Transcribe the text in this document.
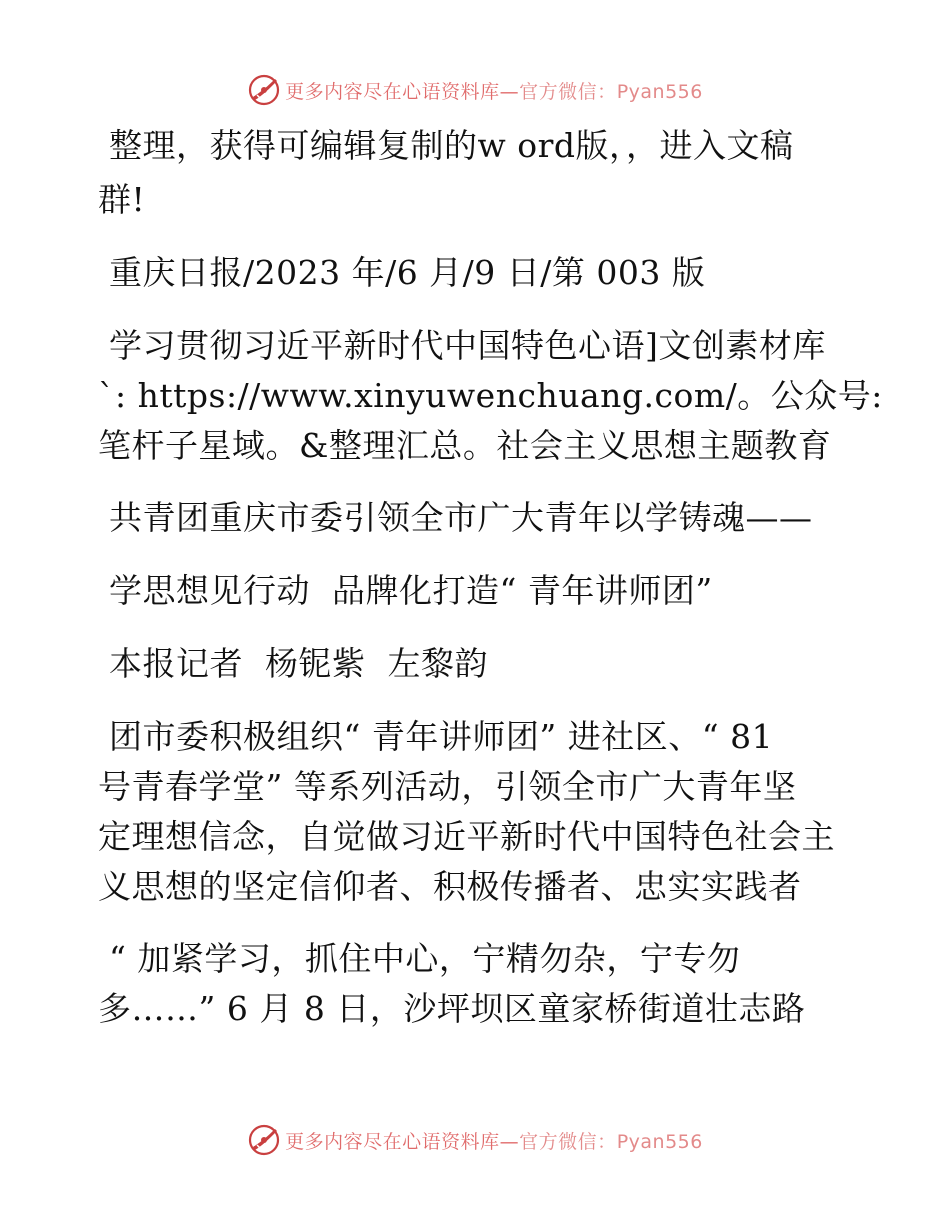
更多内容尽在心语资料库—官方微信：Pyan556
整理，获得可编辑复制的w ord版，，进入文稿
群!
重庆日报/2023 年/6 月/9 日/第 003 版
学习贯彻习近平新时代中国特色心语]文创素材库
`: https://www.xinyuwenchuang.com/。公众号:
笔杆子星域。&整理汇总。社会主义思想主题教育
共青团重庆市委引领全市广大青年以学铸魂——
学思想见行动  品牌化打造“ 青年讲师团”
本报记者  杨铌紫  左黎韵
团市委积极组织“ 青年讲师团” 进社区、“ 81
号青春学堂” 等系列活动，引领全市广大青年坚
定理想信念，自觉做习近平新时代中国特色社会主
义思想的坚定信仰者、积极传播者、忠实实践者
“ 加紧学习，抓住中心，宁精勿杂，宁专勿
多……” 6 月 8 日，沙坪坝区童家桥街道壮志路
更多内容尽在心语资料库—官方微信：Pyan556
